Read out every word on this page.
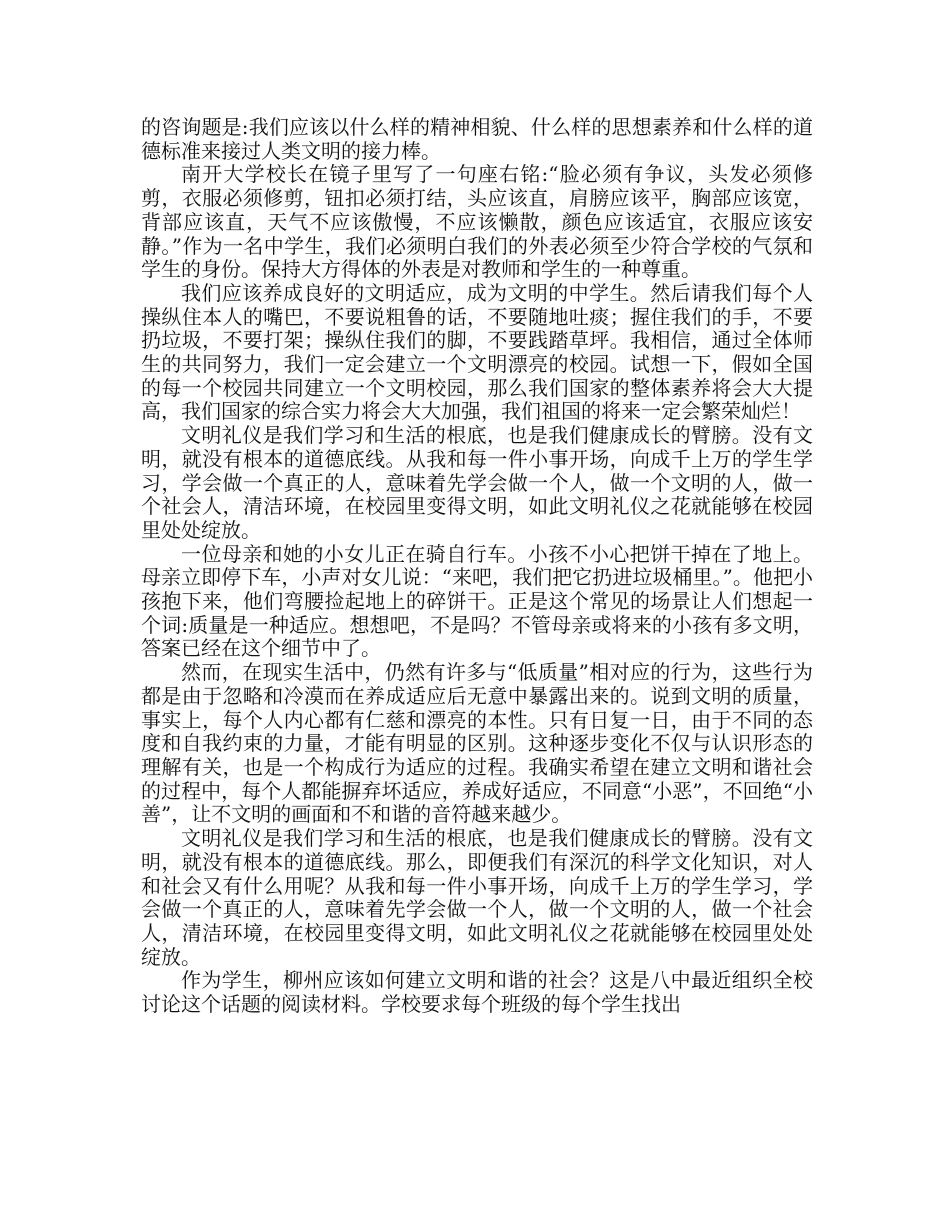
的咨询题是:我们应该以什么样的精神相貌、什么样的思想素养和什么样的道德标准来接过人类文明的接力棒。

南开大学校长在镜子里写了一句座右铭:“脸必须有争议，头发必须修剪，衣服必须修剪，钮扣必须打结，头应该直，肩膀应该平，胸部应该宽，背部应该直，天气不应该傲慢，不应该懒散，颜色应该适宜，衣服应该安静。”作为一名中学生，我们必须明白我们的外表必须至少符合学校的气氛和学生的身份。保持大方得体的外表是对教师和学生的一种尊重。

我们应该养成良好的文明适应，成为文明的中学生。然后请我们每个人操纵住本人的嘴巴，不要说粗鲁的话，不要随地吐痰；握住我们的手，不要扔垃圾，不要打架；操纵住我们的脚，不要践踏草坪。我相信，通过全体师生的共同努力，我们一定会建立一个文明漂亮的校园。试想一下，假如全国的每一个校园共同建立一个文明校园，那么我们国家的整体素养将会大大提高，我们国家的综合实力将会大大加强，我们祖国的将来一定会繁荣灿烂！

文明礼仪是我们学习和生活的根底，也是我们健康成长的臂膀。没有文明，就没有根本的道德底线。从我和每一件小事开场，向成千上万的学生学习，学会做一个真正的人，意味着先学会做一个人，做一个文明的人，做一个社会人，清洁环境，在校园里变得文明，如此文明礼仪之花就能够在校园里处处绽放。

一位母亲和她的小女儿正在骑自行车。小孩不小心把饼干掉在了地上。母亲立即停下车，小声对女儿说：“来吧，我们把它扔进垃圾桶里。”。他把小孩抱下来，他们弯腰捡起地上的碎饼干。正是这个常见的场景让人们想起一个词:质量是一种适应。想想吧，不是吗？不管母亲或将来的小孩有多文明，答案已经在这个细节中了。

然而，在现实生活中，仍然有许多与“低质量”相对应的行为，这些行为都是由于忽略和冷漠而在养成适应后无意中暴露出来的。说到文明的质量，事实上，每个人内心都有仁慈和漂亮的本性。只有日复一日，由于不同的态度和自我约束的力量，才能有明显的区别。这种逐步变化不仅与认识形态的理解有关，也是一个构成行为适应的过程。我确实希望在建立文明和谐社会的过程中，每个人都能摒弃坏适应，养成好适应，不同意“小恶”，不回绝“小善”，让不文明的画面和不和谐的音符越来越少。

文明礼仪是我们学习和生活的根底，也是我们健康成长的臂膀。没有文明，就没有根本的道德底线。那么，即便我们有深沉的科学文化知识，对人和社会又有什么用呢？从我和每一件小事开场，向成千上万的学生学习，学会做一个真正的人，意味着先学会做一个人，做一个文明的人，做一个社会人，清洁环境，在校园里变得文明，如此文明礼仪之花就能够在校园里处处绽放。

作为学生，柳州应该如何建立文明和谐的社会？这是八中最近组织全校讨论这个话题的阅读材料。学校要求每个班级的每个学生找出
